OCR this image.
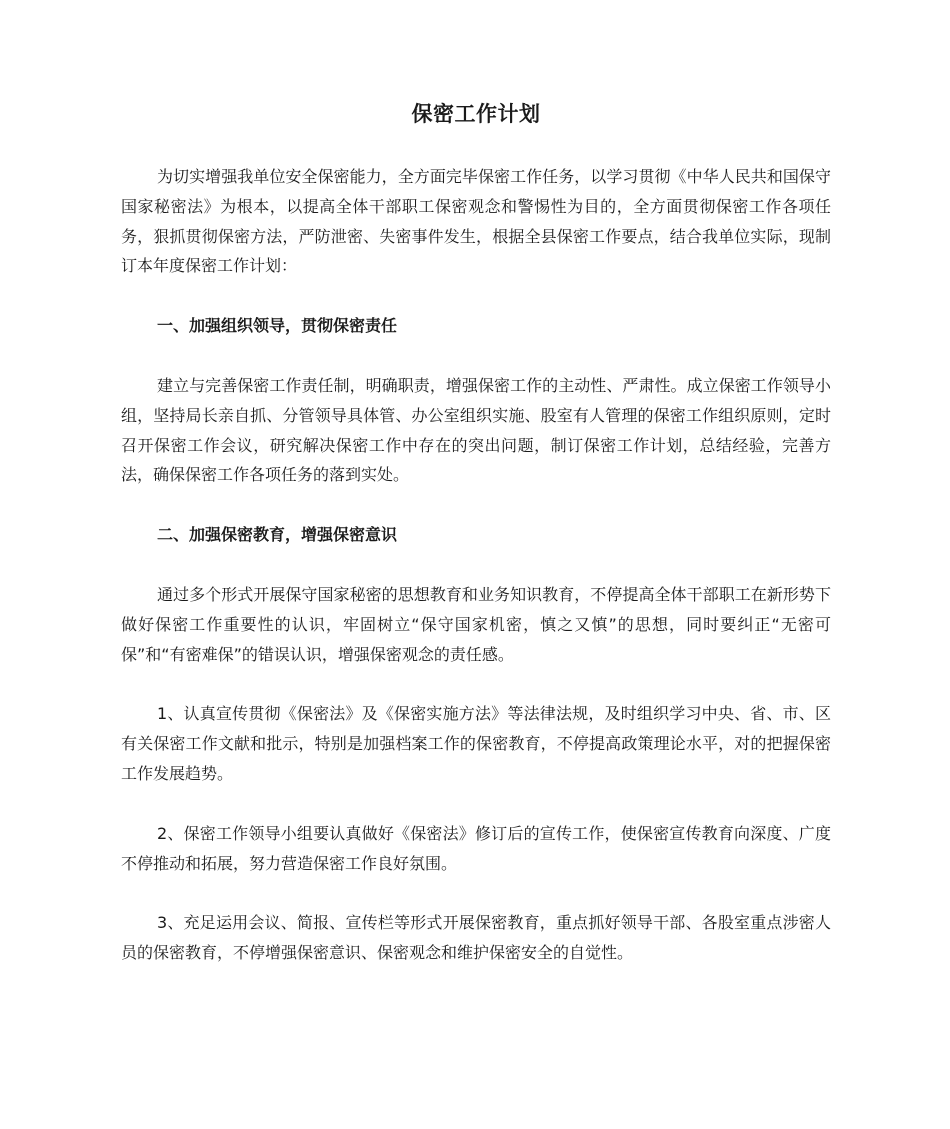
保密工作计划

为切实增强我单位安全保密能力，全方面完毕保密工作任务，以学习贯彻《中华人民共和国保守国家秘密法》为根本，以提高全体干部职工保密观念和警惕性为目的，全方面贯彻保密工作各项任务，狠抓贯彻保密方法，严防泄密、失密事件发生，根据全县保密工作要点，结合我单位实际，现制订本年度保密工作计划：

一、加强组织领导，贯彻保密责任

建立与完善保密工作责任制，明确职责，增强保密工作的主动性、严肃性。成立保密工作领导小组，坚持局长亲自抓、分管领导具体管、办公室组织实施、股室有人管理的保密工作组织原则，定时召开保密工作会议，研究解决保密工作中存在的突出问题，制订保密工作计划，总结经验，完善方法，确保保密工作各项任务的落到实处。

二、加强保密教育，增强保密意识

通过多个形式开展保守国家秘密的思想教育和业务知识教育，不停提高全体干部职工在新形势下做好保密工作重要性的认识，牢固树立“保守国家机密，慎之又慎”的思想，同时要纠正“无密可保”和“有密难保”的错误认识，增强保密观念的责任感。

1、认真宣传贯彻《保密法》及《保密实施方法》等法律法规，及时组织学习中央、省、市、区有关保密工作文献和批示，特别是加强档案工作的保密教育，不停提高政策理论水平，对的把握保密工作发展趋势。

2、保密工作领导小组要认真做好《保密法》修订后的宣传工作，使保密宣传教育向深度、广度不停推动和拓展，努力营造保密工作良好氛围。

3、充足运用会议、简报、宣传栏等形式开展保密教育，重点抓好领导干部、各股室重点涉密人员的保密教育，不停增强保密意识、保密观念和维护保密安全的自觉性。
